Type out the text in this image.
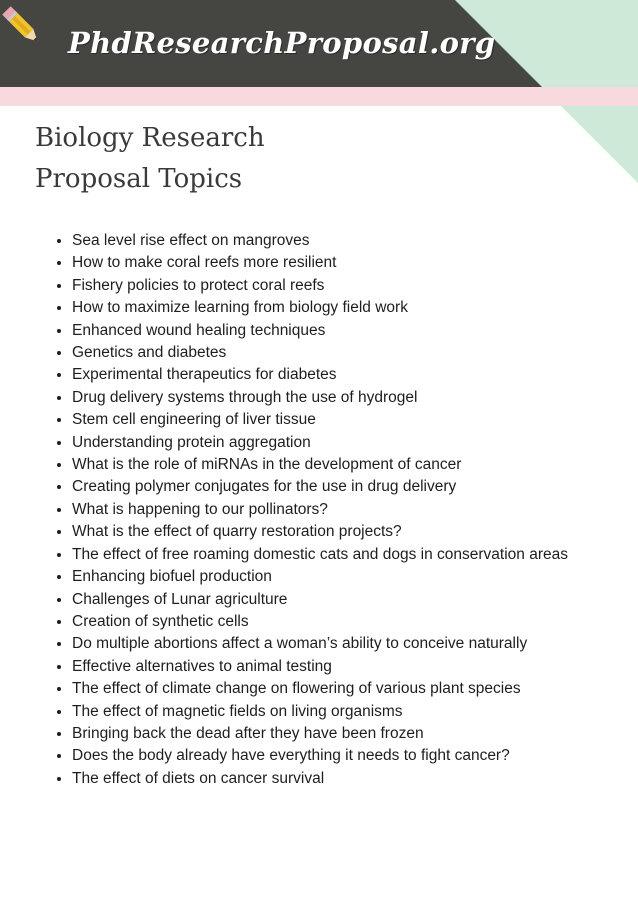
PhdResearchProposal.org
Biology Research
Proposal Topics
• Sea level rise effect on mangroves
• How to make coral reefs more resilient
• Fishery policies to protect coral reefs
• How to maximize learning from biology field work
• Enhanced wound healing techniques
• Genetics and diabetes
• Experimental therapeutics for diabetes
• Drug delivery systems through the use of hydrogel
• Stem cell engineering of liver tissue
• Understanding protein aggregation
• What is the role of miRNAs in the development of cancer
• Creating polymer conjugates for the use in drug delivery
• What is happening to our pollinators?
• What is the effect of quarry restoration projects?
• The effect of free roaming domestic cats and dogs in conservation areas
• Enhancing biofuel production
• Challenges of Lunar agriculture
• Creation of synthetic cells
• Do multiple abortions affect a woman’s ability to conceive naturally
• Effective alternatives to animal testing
• The effect of climate change on flowering of various plant species
• The effect of magnetic fields on living organisms
• Bringing back the dead after they have been frozen
• Does the body already have everything it needs to fight cancer?
• The effect of diets on cancer survival
